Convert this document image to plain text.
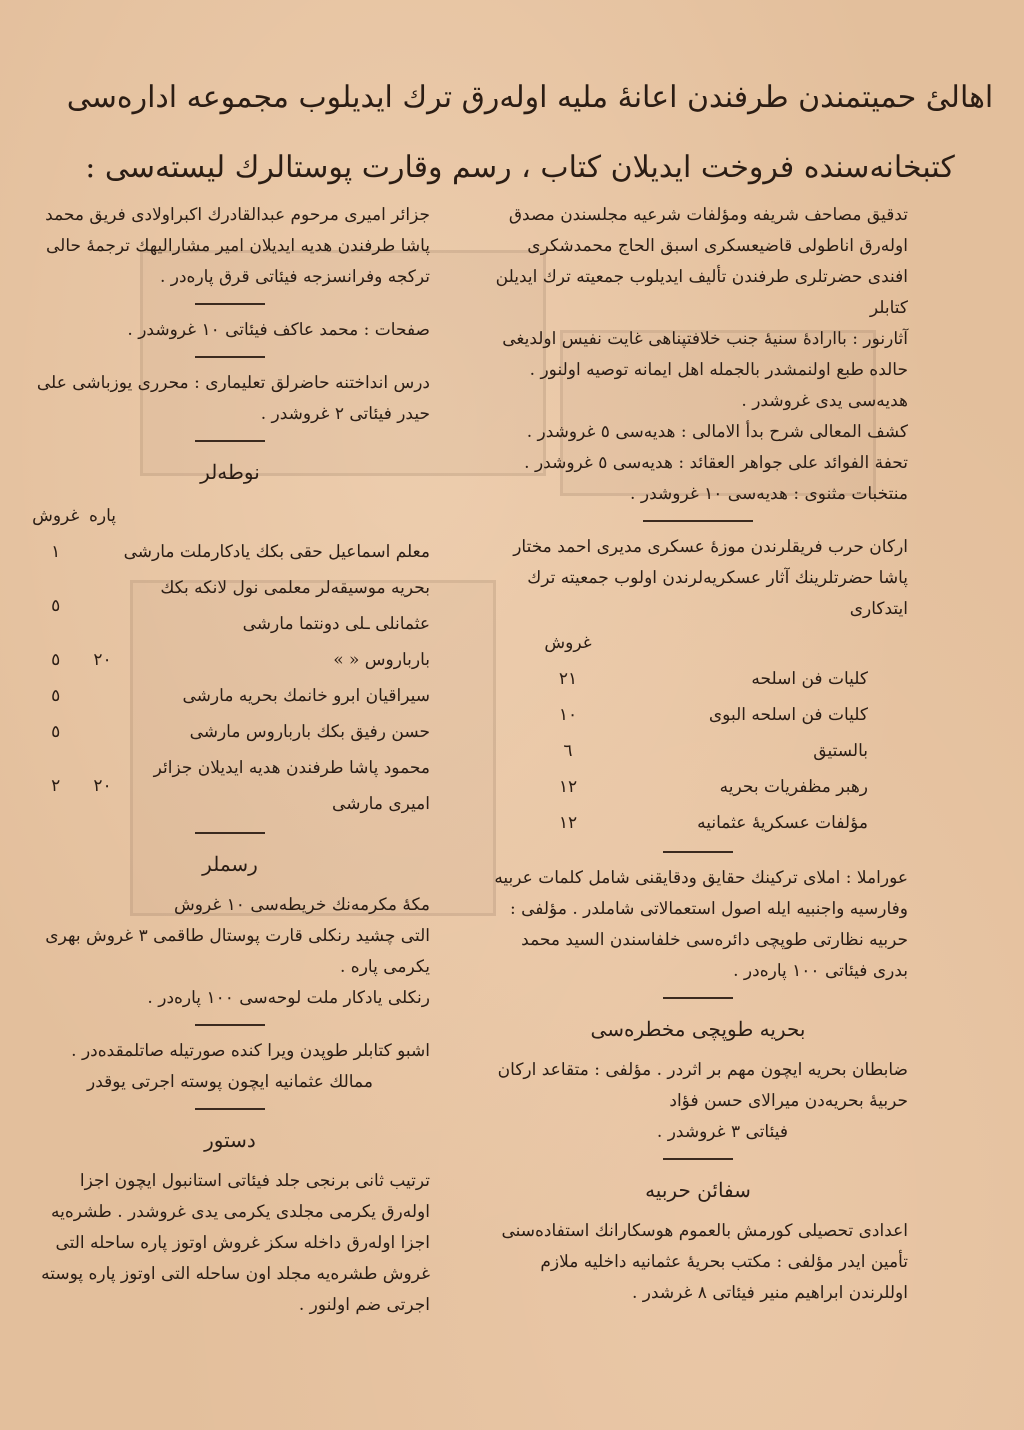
اهالیٔ حمیتمندن طرفندن اعانهٔ ملیه اوله‌رق ترك ایدیلوب مجموعه اداره‌سی
کتبخانه‌سنده فروخت ایدیلان کتاب ، رسم وقارت پوستالرك لیسته‌سی :

تدقیق مصاحف شریفه ومؤلفات شرعیه مجلسندن مصدق اوله‌رق اناطولی قاضیعسکری اسبق الحاج محمدشکری افندی حضرتلری طرفندن تألیف ایدیلوب جمعیته ترك ایدیلن کتابلر

آثارنور : باارادهٔ سنیهٔ جنب خلافتپناهی غایت نفیس اولدیغی حالده طبع اولنمشدر بالجمله اهل ایمانه توصیه اولنور . هدیه‌سی یدی غروشدر .

کشف المعالی شرح بدأ الامالی : هدیه‌سی ٥ غروشدر .

تحفة الفوائد علی جواهر العقائد : هدیه‌سی ٥ غروشدر .

منتخبات مثنوی : هدیه‌سی ١٠ غروشدر .

ارکان حرب فریقلرندن موزهٔ عسکری مدیری احمد مختار پاشا حضرتلرینك آثار عسکریه‌لرندن اولوب جمعیته ترك ایتدکاری

	غروش
کلیات فن اسلحه	٢١
کلیات فن اسلحه البوی	١٠
بالستیق	٦
رهبر مظفریات بحریه	١٢
مؤلفات عسکریهٔ عثمانیه	١٢

عوراملا : املای ترکینك حقایق ودقایقنی شامل کلمات عربیه وفارسیه واجنبیه ایله اصول استعمالاتی شاملدر . مؤلفی : حربیه نظارتی طوپچی دائره‌سی خلفاسندن السید محمد بدری فیئاتی ١٠٠ پاره‌در .

بحریه طوپچی مخطره‌سی

ضابطان بحریه ایچون مهم بر اثردر . مؤلفی : متقاعد ارکان حربیهٔ بحریه‌دن میرالای حسن فؤاد

فیئاتی ٣ غروشدر .

سفائن حربیه

اعدادی تحصیلی کورمش بالعموم هوسکارانك استفاده‌سنی تأمین ایدر مؤلفی : مکتب بحریهٔ عثمانیه داخلیه ملازم اوللرندن ابراهیم منیر فیئاتی ٨ غرشدر .

جزائر امیری مرحوم عبدالقادرك اکبراولادی فریق محمد پاشا طرفندن هدیه ایدیلان امیر مشارالیهك ترجمهٔ حالی ترکجه وفرانسزجه فیئاتی قرق پاره‌در .

صفحات : محمد عاکف فیئاتی ١٠ غروشدر .

درس انداختنه حاضرلق تعلیماری : محرری یوزباشی علی حیدر فیئاتی ٢ غروشدر .

نوطه‌لر
	پاره	غروش
معلم اسماعیل حقی بکك یادکارملت مارشی		١
بحریه موسیقه‌لر معلمی نول لانکه بکك عثمانلی ـلی دونتما مارشی		٥
بارباروس « »	٢٠	٥
سیراقیان ابرو خانمك بحریه مارشی		٥
حسن رفیق بکك بارباروس مارشی		٥
محمود پاشا طرفندن هدیه ایدیلان جزائر امیری مارشی	٢٠	٢
رسملر

مکهٔ مکرمه‌نك خریطه‌سی ١٠ غروش

التی چشید رنکلی قارت پوستال طاقمی ٣ غروش بهری یکرمی پاره .

رنکلی یادکار ملت لوحه‌سی ١٠٠ پاره‌در .

اشبو کتابلر طوپدن ویرا کنده صورتیله صاتلمقده‌در .

ممالك عثمانیه ایچون پوسته اجرتی یوقدر

دستور

ترتیب ثانی برنجی جلد فیئاتی استانبول ایچون اجزا اوله‌رق یکرمی مجلدی یکرمی یدی غروشدر . طشره‌یه اجزا اوله‌رق داخله سکز غروش اوتوز پاره ساحله التی غروش طشره‌یه مجلد اون ساحله التی اوتوز پاره پوسته اجرتی ضم اولنور .
